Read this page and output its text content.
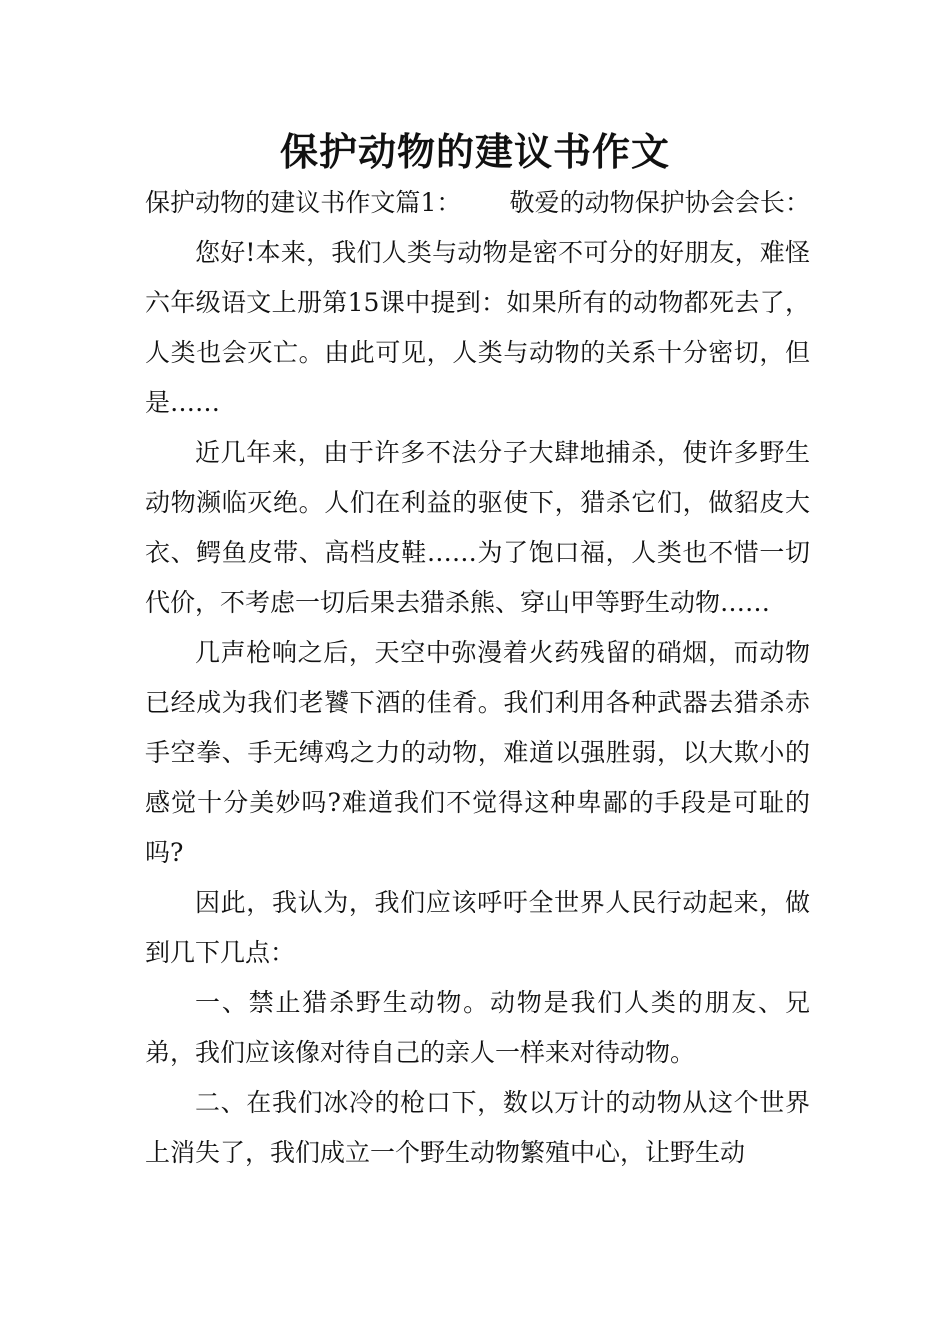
保护动物的建议书作文

保护动物的建议书作文篇1： 敬爱的动物保护协会会长：

您好!本来，我们人类与动物是密不可分的好朋友，难怪六年级语文上册第15课中提到：如果所有的动物都死去了，人类也会灭亡。由此可见，人类与动物的关系十分密切，但是……

近几年来，由于许多不法分子大肆地捕杀，使许多野生动物濒临灭绝。人们在利益的驱使下，猎杀它们，做貂皮大衣、鳄鱼皮带、高档皮鞋……为了饱口福，人类也不惜一切代价，不考虑一切后果去猎杀熊、穿山甲等野生动物……

几声枪响之后，天空中弥漫着火药残留的硝烟，而动物已经成为我们老饕下酒的佳肴。我们利用各种武器去猎杀赤手空拳、手无缚鸡之力的动物，难道以强胜弱，以大欺小的感觉十分美妙吗?难道我们不觉得这种卑鄙的手段是可耻的吗?

因此，我认为，我们应该呼吁全世界人民行动起来，做到几下几点：

一、禁止猎杀野生动物。动物是我们人类的朋友、兄弟，我们应该像对待自己的亲人一样来对待动物。

二、在我们冰冷的枪口下，数以万计的动物从这个世界上消失了，我们成立一个野生动物繁殖中心，让野生动
